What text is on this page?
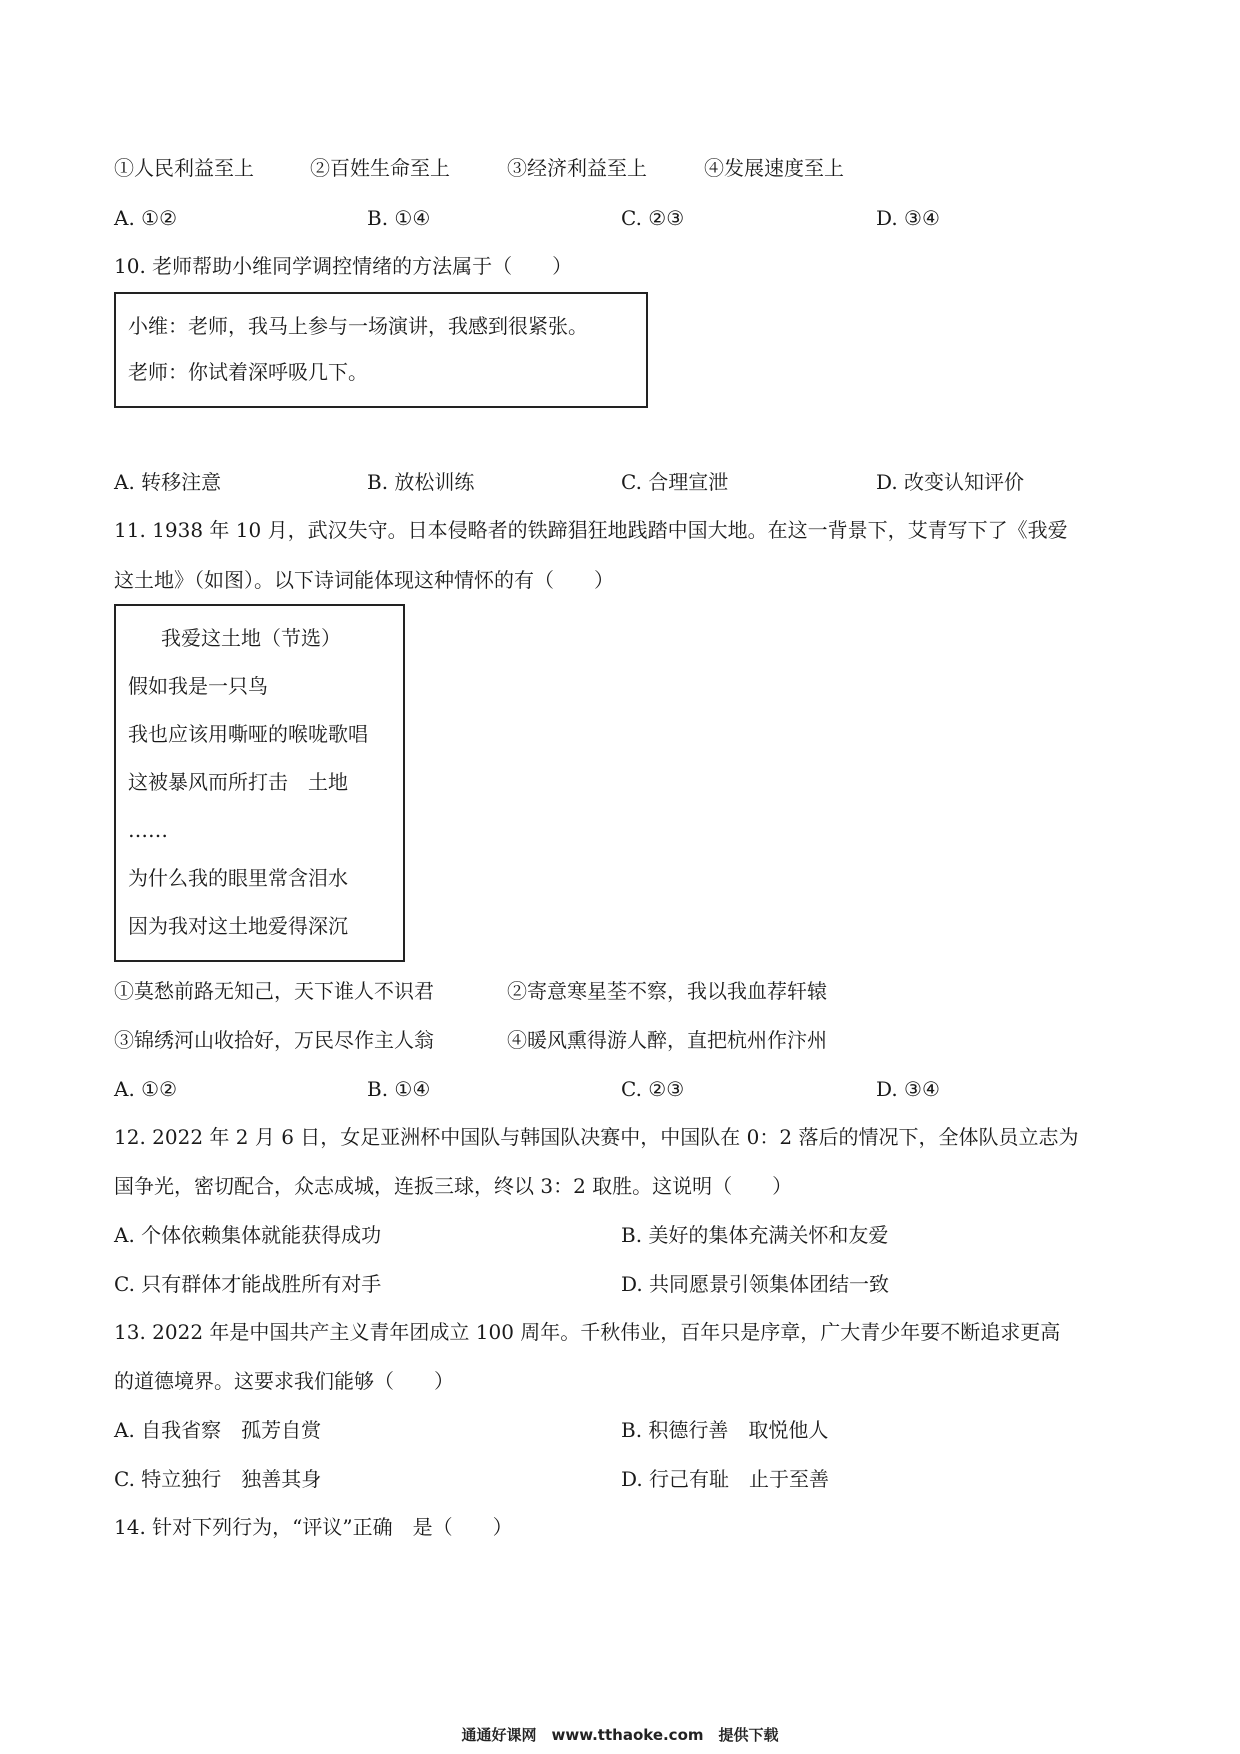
①人民利益至上	②百姓生命至上	③经济利益至上	④发展速度至上
A. ①②	B. ①④	C. ②③	D. ③④
10. 老师帮助小维同学调控情绪的方法属于（　　）
小维：老师，我马上参与一场演讲，我感到很紧张。
老师：你试着深呼吸几下。
A. 转移注意	B. 放松训练	C. 合理宣泄	D. 改变认知评价
11. 1938 年 10 月，武汉失守。日本侵略者的铁蹄猖狂地践踏中国大地。在这一背景下，艾青写下了《我爱
这土地》（如图）。以下诗词能体现这种情怀的有（　　）
我爱这土地（节选）
假如我是一只鸟
我也应该用嘶哑的喉咙歌唱
这被暴风而所打击　土地
……
为什么我的眼里常含泪水
因为我对这土地爱得深沉
①莫愁前路无知己，天下谁人不识君	②寄意寒星荃不察，我以我血荐轩辕
③锦绣河山收拾好，万民尽作主人翁	④暖风熏得游人醉，直把杭州作汴州
A. ①②	B. ①④	C. ②③	D. ③④
12. 2022 年 2 月 6 日，女足亚洲杯中国队与韩国队决赛中，中国队在 0：2 落后的情况下，全体队员立志为
国争光，密切配合，众志成城，连扳三球，终以 3：2 取胜。这说明（　　）
A. 个体依赖集体就能获得成功	B. 美好的集体充满关怀和友爱
C. 只有群体才能战胜所有对手	D. 共同愿景引领集体团结一致
13. 2022 年是中国共产主义青年团成立 100 周年。千秋伟业，百年只是序章，广大青少年要不断追求更高
的道德境界。这要求我们能够（　　）
A. 自我省察　孤芳自赏	B. 积德行善　取悦他人
C. 特立独行　独善其身	D. 行己有耻　止于至善
14. 针对下列行为，“评议”正确　是（　　）
通通好课网　www.tthaoke.com　提供下载
